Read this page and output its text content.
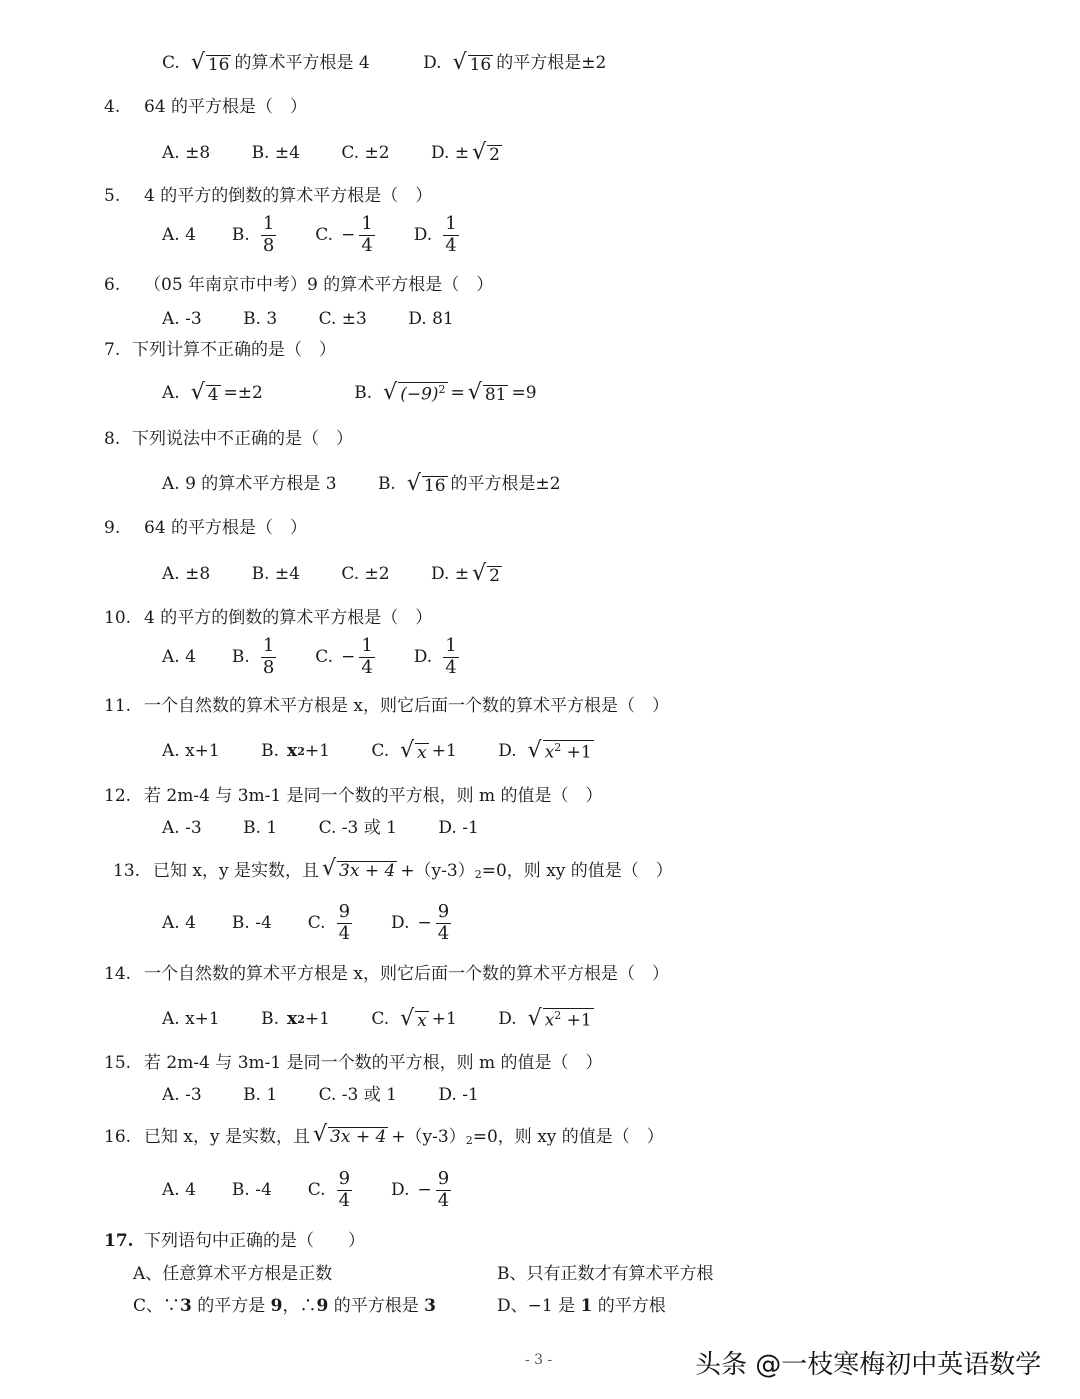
C. √ 16 的算术平方根是 4
	D. √ 16 的平方根是±2
4. 64 的平方根是（　）
A. ±8 B. ±4 C. ±2 D. ± √ 2
5. 4 的平方的倒数的算术平方根是（　）
A. 4 B. $\frac{1}{8} C$. − $\frac{1}{4} D$. $\frac{1}{4}$
6. （05 年南京市中考）9 的算术平方根是（　）
A. -3 B. 3 C. ±3 D. 81
7. 下列计算不正确的是（　）
A. √ 4 =±2
	B. √ $(-9)^2$ = √ 81 =9
8. 下列说法中不正确的是（　）
A. 9 的算术平方根是 3 B. √ 16 的平方根是±2
9. 64 的平方根是（　）
A. ±8 B. ±4 C. ±2 D. ± √ 2
10. 4 的平方的倒数的算术平方根是（　）
A. 4 B. $\frac{1}{8} C$. − $\frac{1}{4} D$. $\frac{1}{4}$
11. 一个自然数的算术平方根是 x，则它后面一个数的算术平方根是（　）
A. x+1 B. x 2 +1
C. √ x +1
D. √ $x^2 +1$
12. 若 2m-4 与 3m-1 是同一个数的平方根，则 m 的值是（　）
A. -3 B. 1 C. -3 或 1 D. -1
13. 已知 x，y 是实数，且 √ 3x + 4 +（y-3） 2 =0，则 xy 的值是（　）
A. 4 B. -4 C. $\frac{9}{4} D$. − $\frac{9}{4}$
14. 一个自然数的算术平方根是 x，则它后面一个数的算术平方根是（　）
A. x+1 B. x 2 +1
C. √ x +1
D. √ $x^2 +1$
15. 若 2m-4 与 3m-1 是同一个数的平方根，则 m 的值是（　）
A. -3 B. 1 C. -3 或 1 D. -1
16. 已知 x，y 是实数，且 √ 3x + 4 +（y-3） 2 =0，则 xy 的值是（　）
A. 4 B. -4 C. $\frac{9}{4} D$. − $\frac{9}{4}$
17. 下列语句中正确的是（　　）
A、任意算术平方根是正数	B、只有正数才有算术平方根
C、∵3 的平方是 9，∴9 的平方根是 3	D、−1 是 1 的平方根
- 3 -	头条 @一枝寒梅初中英语数学
